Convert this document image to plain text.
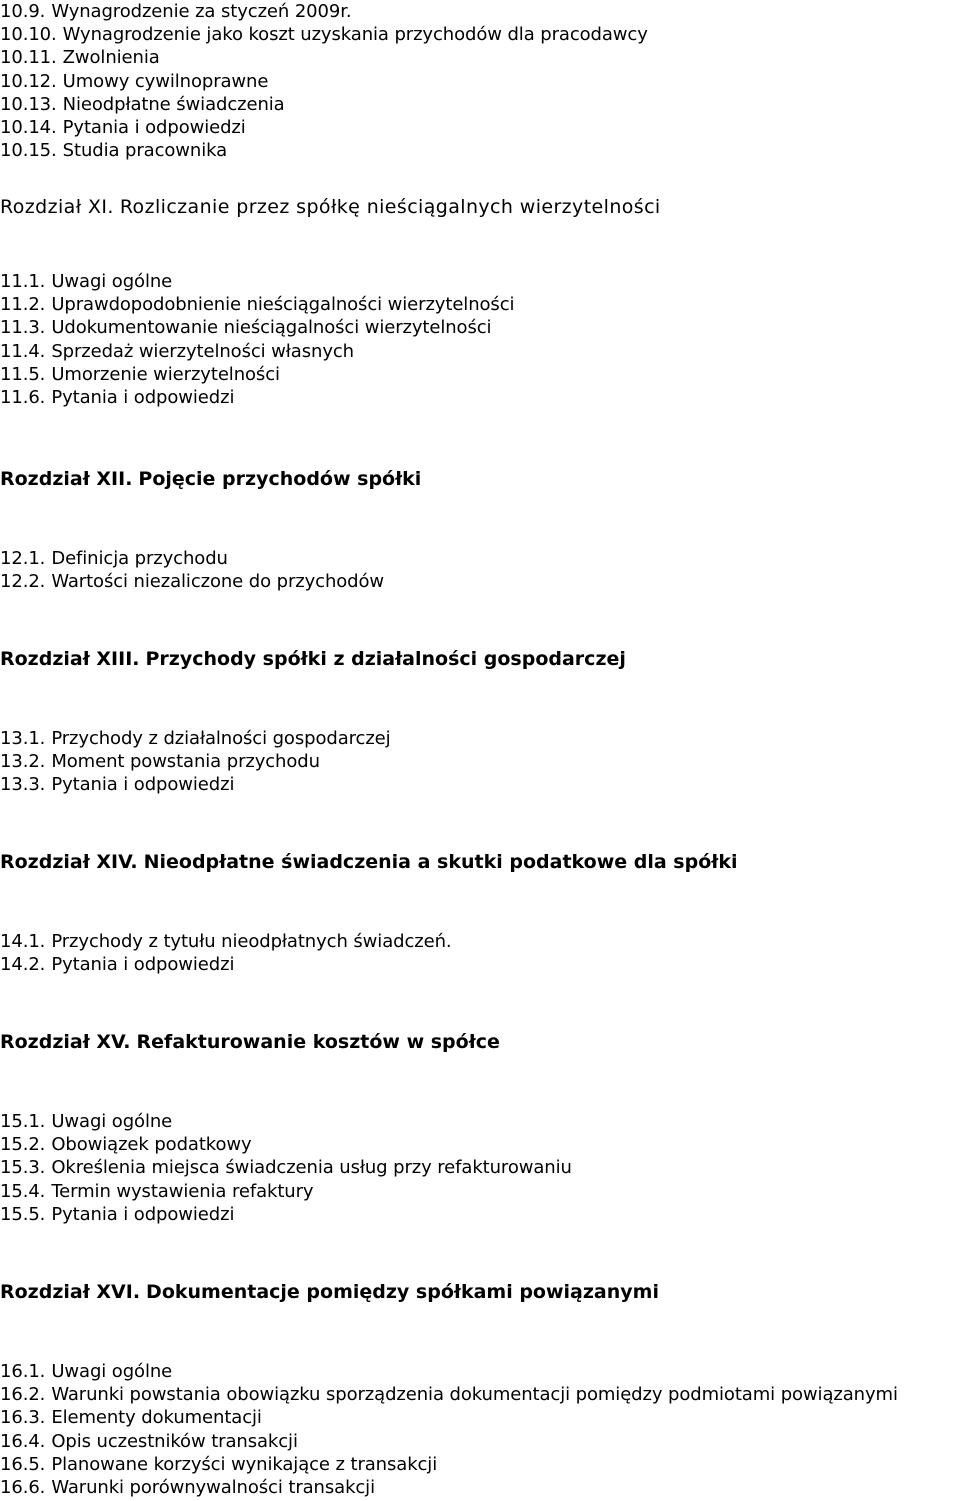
10.9. Wynagrodzenie za styczeń 2009r.
10.10. Wynagrodzenie jako koszt uzyskania przychodów dla pracodawcy
10.11. Zwolnienia
10.12. Umowy cywilnoprawne
10.13. Nieodpłatne świadczenia
10.14. Pytania i odpowiedzi
10.15. Studia pracownika
Rozdział XI. Rozliczanie przez spółkę nieściągalnych wierzytelności
11.1. Uwagi ogólne
11.2. Uprawdopodobnienie nieściągalności wierzytelności
11.3. Udokumentowanie nieściągalności wierzytelności
11.4. Sprzedaż wierzytelności własnych
11.5. Umorzenie wierzytelności
11.6. Pytania i odpowiedzi
Rozdział XII. Pojęcie przychodów spółki
12.1. Definicja przychodu
12.2. Wartości niezaliczone do przychodów
Rozdział XIII. Przychody spółki z działalności gospodarczej
13.1. Przychody z działalności gospodarczej
13.2. Moment powstania przychodu
13.3. Pytania i odpowiedzi
Rozdział XIV. Nieodpłatne świadczenia a skutki podatkowe dla spółki
14.1. Przychody z tytułu nieodpłatnych świadczeń.
14.2. Pytania i odpowiedzi
Rozdział XV. Refakturowanie kosztów w spółce
15.1. Uwagi ogólne
15.2. Obowiązek podatkowy
15.3. Określenia miejsca świadczenia usług przy refakturowaniu
15.4. Termin wystawienia refaktury
15.5. Pytania i odpowiedzi
Rozdział XVI. Dokumentacje pomiędzy spółkami powiązanymi
16.1. Uwagi ogólne
16.2. Warunki powstania obowiązku sporządzenia dokumentacji pomiędzy podmiotami powiązanymi
16.3. Elementy dokumentacji
16.4. Opis uczestników transakcji
16.5. Planowane korzyści wynikające z transakcji
16.6. Warunki porównywalności transakcji
